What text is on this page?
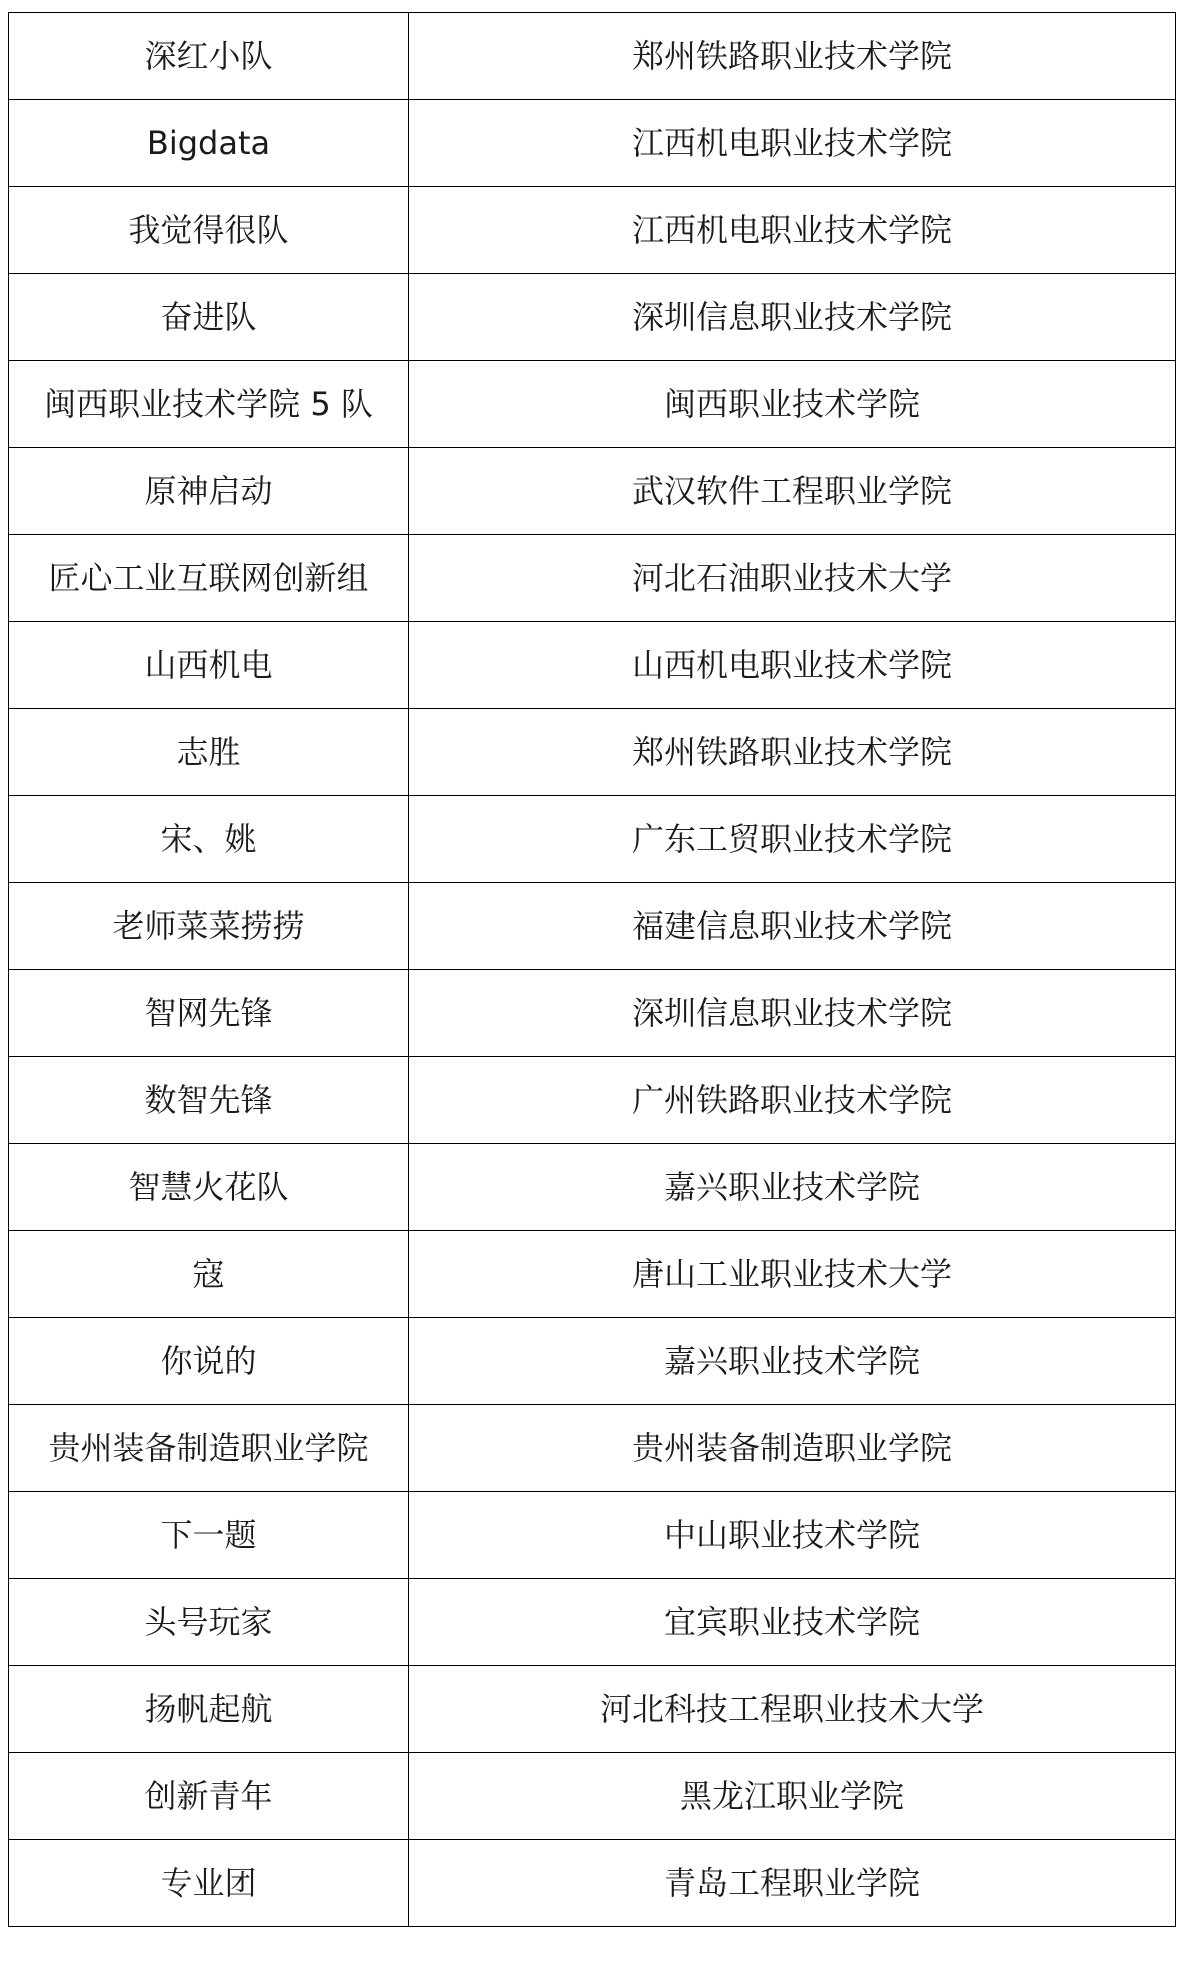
深红小队	郑州铁路职业技术学院
Bigdata	江西机电职业技术学院
我觉得很队	江西机电职业技术学院
奋进队	深圳信息职业技术学院
闽西职业技术学院 5 队	闽西职业技术学院
原神启动	武汉软件工程职业学院
匠心工业互联网创新组	河北石油职业技术大学
山西机电	山西机电职业技术学院
志胜	郑州铁路职业技术学院
宋、姚	广东工贸职业技术学院
老师菜菜捞捞	福建信息职业技术学院
智网先锋	深圳信息职业技术学院
数智先锋	广州铁路职业技术学院
智慧火花队	嘉兴职业技术学院
寇	唐山工业职业技术大学
你说的	嘉兴职业技术学院
贵州装备制造职业学院	贵州装备制造职业学院
下一题	中山职业技术学院
头号玩家	宜宾职业技术学院
扬帆起航	河北科技工程职业技术大学
创新青年	黑龙江职业学院
专业团	青岛工程职业学院
